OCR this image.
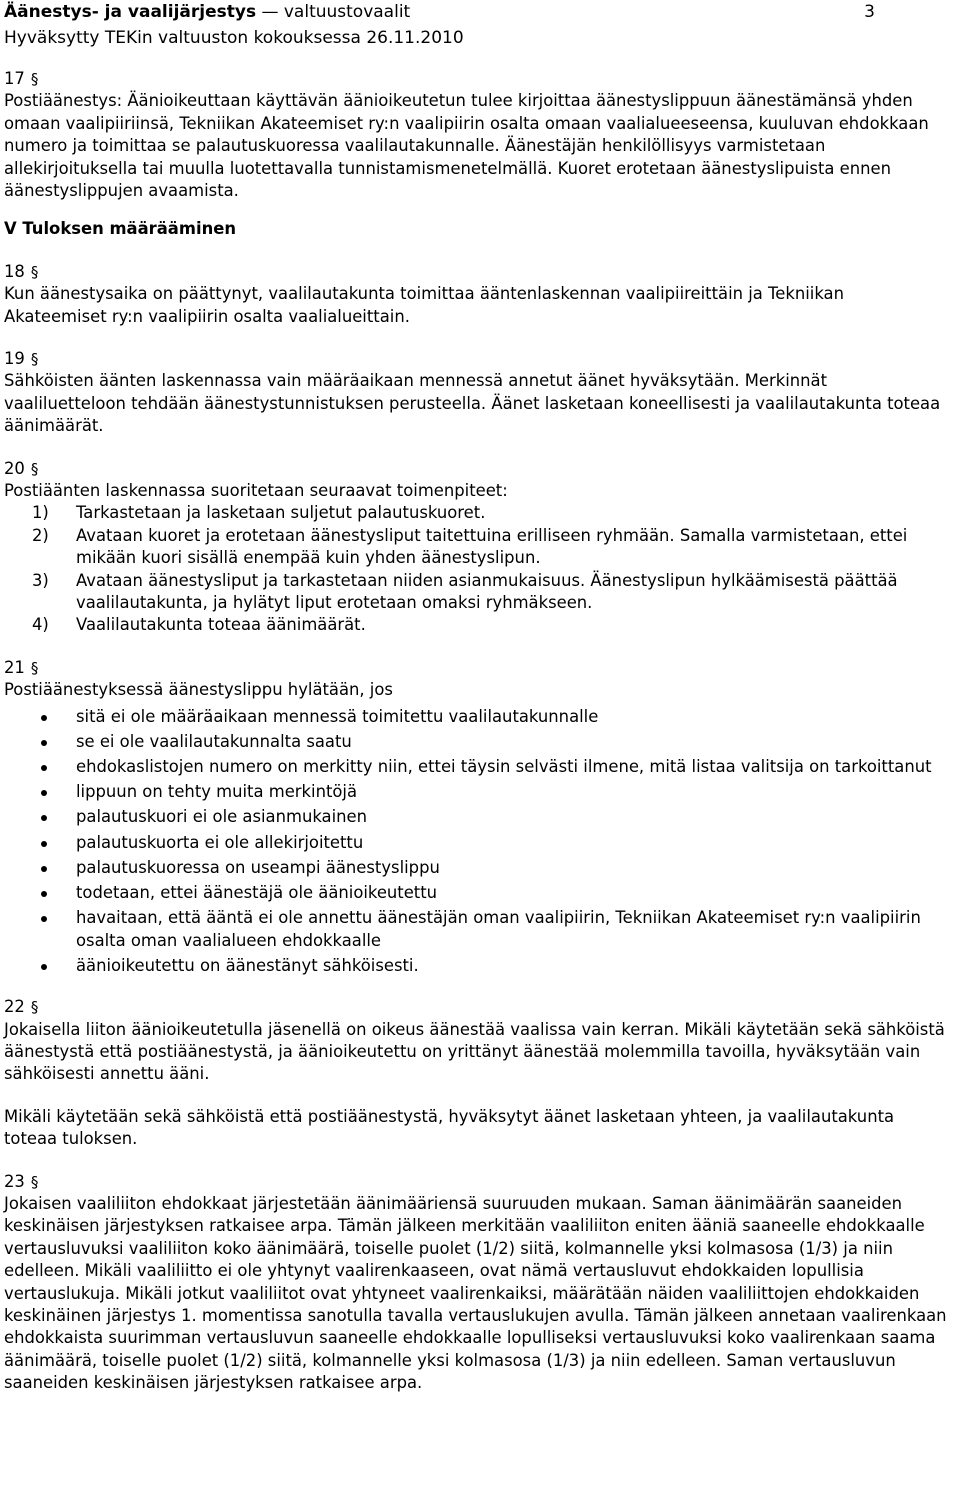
Äänestys- ja vaalijärjestys — valtuustovaalit
Hyväksytty TEKin valtuuston kokouksessa 26.11.2010
3
17 §

Postiäänestys: Äänioikeuttaan käyttävän äänioikeutetun tulee kirjoittaa äänestyslippuun äänestämänsä yhden omaan vaalipiiriinsä, Tekniikan Akateemiset ry:n vaalipiirin osalta omaan vaalialueeseensa, kuuluvan ehdokkaan numero ja toimittaa se palautuskuoressa vaalilautakunnalle. Äänestäjän henkilöllisyys varmistetaan allekirjoituksella tai muulla luotettavalla tunnistamismenetelmällä. Kuoret erotetaan äänestyslipuista ennen äänestyslippujen avaamista.

V Tuloksen määrääminen

18 §

Kun äänestysaika on päättynyt, vaalilautakunta toimittaa ääntenlaskennan vaalipiireittäin ja Tekniikan Akateemiset ry:n vaalipiirin osalta vaalialueittain.

19 §

Sähköisten äänten laskennassa vain määräaikaan mennessä annetut äänet hyväksytään. Merkinnät vaaliluetteloon tehdään äänestystunnistuksen perusteella. Äänet lasketaan koneellisesti ja vaalilautakunta toteaa äänimäärät.

20 §

Postiäänten laskennassa suoritetaan seuraavat toimenpiteet:

1) Tarkastetaan ja lasketaan suljetut palautuskuoret.
2) Avataan kuoret ja erotetaan äänestysliput taitettuina erilliseen ryhmään. Samalla varmistetaan, ettei mikään kuori sisällä enempää kuin yhden äänestyslipun.
3) Avataan äänestysliput ja tarkastetaan niiden asianmukaisuus. Äänestyslipun hylkäämisestä päättää vaalilautakunta, ja hylätyt liput erotetaan omaksi ryhmäkseen.
4) Vaalilautakunta toteaa äänimäärät.
21 §

Postiäänestyksessä äänestyslippu hylätään, jos

sitä ei ole määräaikaan mennessä toimitettu vaalilautakunnalle
se ei ole vaalilautakunnalta saatu
ehdokaslistojen numero on merkitty niin, ettei täysin selvästi ilmene, mitä listaa valitsija on tarkoittanut
lippuun on tehty muita merkintöjä
palautuskuori ei ole asianmukainen
palautuskuorta ei ole allekirjoitettu
palautuskuoressa on useampi äänestyslippu
todetaan, ettei äänestäjä ole äänioikeutettu
havaitaan, että ääntä ei ole annettu äänestäjän oman vaalipiirin, Tekniikan Akateemiset ry:n vaalipiirin osalta oman vaalialueen ehdokkaalle
äänioikeutettu on äänestänyt sähköisesti.
22 §

Jokaisella liiton äänioikeutetulla jäsenellä on oikeus äänestää vaalissa vain kerran. Mikäli käytetään sekä sähköistä äänestystä että postiäänestystä, ja äänioikeutettu on yrittänyt äänestää molemmilla tavoilla, hyväksytään vain sähköisesti annettu ääni.

Mikäli käytetään sekä sähköistä että postiäänestystä, hyväksytyt äänet lasketaan yhteen, ja vaalilautakunta toteaa tuloksen.

23 §

Jokaisen vaaliliiton ehdokkaat järjestetään äänimääriensä suuruuden mukaan. Saman äänimäärän saaneiden keskinäisen järjestyksen ratkaisee arpa. Tämän jälkeen merkitään vaaliliiton eniten ääniä saaneelle ehdokkaalle vertausluvuksi vaaliliiton koko äänimäärä, toiselle puolet (1/2) siitä, kolmannelle yksi kolmasosa (1/3) ja niin edelleen. Mikäli vaaliliitto ei ole yhtynyt vaalirenkaaseen, ovat nämä vertausluvut ehdokkaiden lopullisia vertauslukuja. Mikäli jotkut vaaliliitot ovat yhtyneet vaalirenkaiksi, määrätään näiden vaaliliittojen ehdokkaiden keskinäinen järjestys 1. momentissa sanotulla tavalla vertauslukujen avulla. Tämän jälkeen annetaan vaalirenkaan ehdokkaista suurimman vertausluvun saaneelle ehdokkaalle lopulliseksi vertausluvuksi koko vaalirenkaan saama äänimäärä, toiselle puolet (1/2) siitä, kolmannelle yksi kolmasosa (1/3) ja niin edelleen. Saman vertausluvun saaneiden keskinäisen järjestyksen ratkaisee arpa.
